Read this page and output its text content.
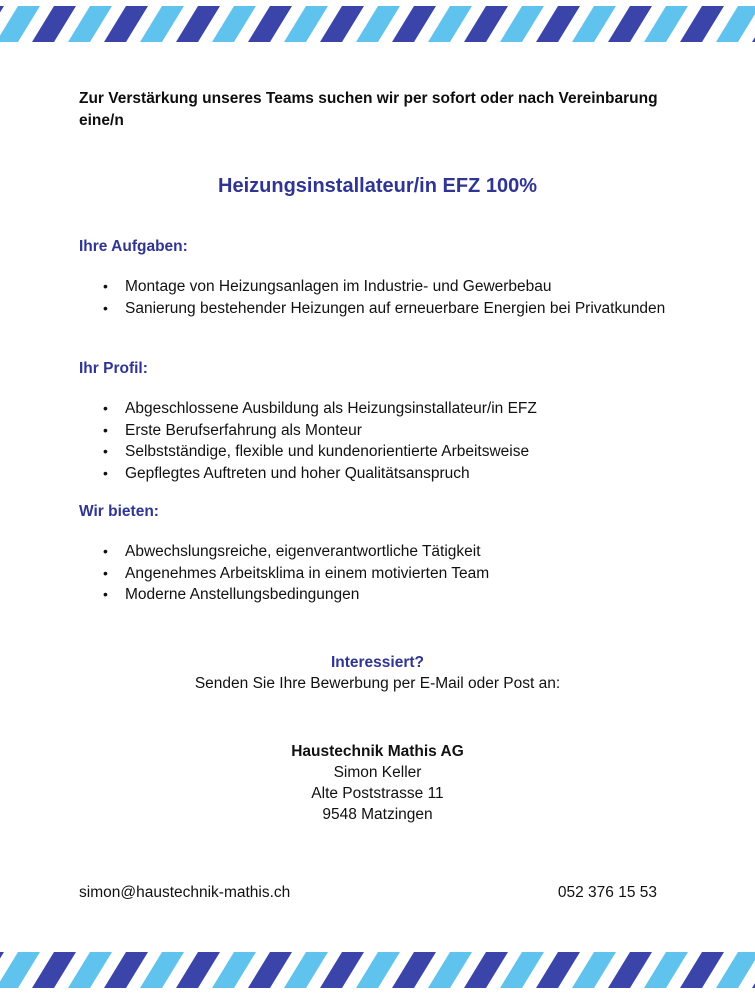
Zur Verstärkung unseres Teams suchen wir per sofort oder nach Vereinbarung eine/n
Heizungsinstallateur/in EFZ 100%
Ihre Aufgaben:
• Montage von Heizungsanlagen im Industrie- und Gewerbebau
• Sanierung bestehender Heizungen auf erneuerbare Energien bei Privatkunden
Ihr Profil:
• Abgeschlossene Ausbildung als Heizungsinstallateur/in EFZ
• Erste Berufserfahrung als Monteur
• Selbstständige, flexible und kundenorientierte Arbeitsweise
• Gepflegtes Auftreten und hoher Qualitätsanspruch
Wir bieten:
• Abwechslungsreiche, eigenverantwortliche Tätigkeit
• Angenehmes Arbeitsklima in einem motivierten Team
• Moderne Anstellungsbedingungen
Interessiert?
Senden Sie Ihre Bewerbung per E-Mail oder Post an:
Haustechnik Mathis AG
Simon Keller
Alte Poststrasse 11
9548 Matzingen
simon@haustechnik-mathis.ch	052 376 15 53
